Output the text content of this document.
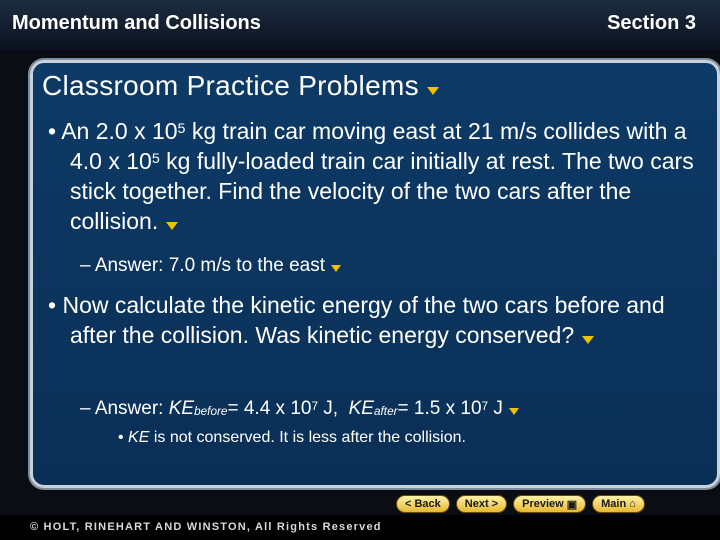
Momentum and Collisions	Section 3
Classroom Practice Problems
• An 2.0 x $10^5$ kg train car moving east at 21 m/s collides with a 4.0 x $10^5$ kg fully-loaded train car initially at rest. The two cars stick together. Find the velocity of the two cars after the collision.
– Answer: 7.0 m/s to the east
• Now calculate the kinetic energy of the two cars before and after the collision. Was kinetic energy conserved?
– Answer: $KE_{before}= 4.4$ x $10^7$ J, $KE_{after}= 1.5$ x $10^7$ J
• KE is not conserved. It is less after the collision.
< Back Next > Preview ▣ Main ⌂
© HOLT, RINEHART AND WINSTON, All Rights Reserved
